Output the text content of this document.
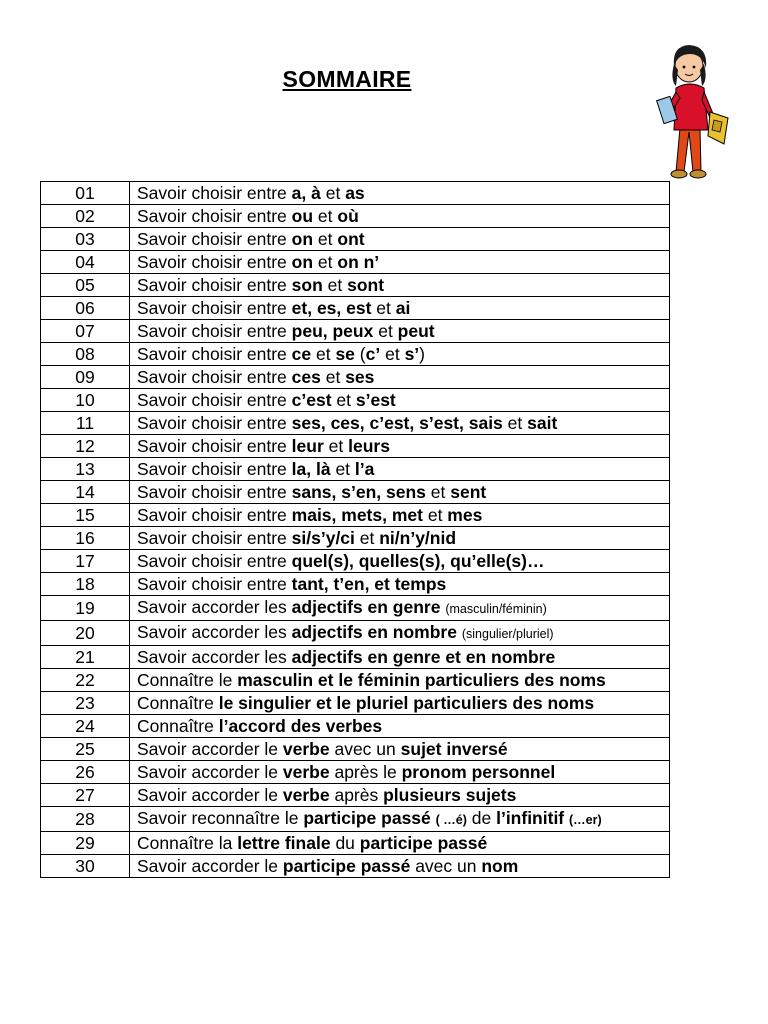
SOMMAIRE
01	Savoir choisir entre a, à et as
02	Savoir choisir entre ou et où
03	Savoir choisir entre on et ont
04	Savoir choisir entre on et on n’
05	Savoir choisir entre son et sont
06	Savoir choisir entre et, es, est et ai
07	Savoir choisir entre peu, peux et peut
08	Savoir choisir entre ce et se (c’ et s’)
09	Savoir choisir entre ces et ses
10	Savoir choisir entre c’est et s’est
11	Savoir choisir entre ses, ces, c’est, s’est, sais et sait
12	Savoir choisir entre leur et leurs
13	Savoir choisir entre la, là et l’a
14	Savoir choisir entre sans, s’en, sens et sent
15	Savoir choisir entre mais, mets, met et mes
16	Savoir choisir entre si/s’y/ci et ni/n’y/nid
17	Savoir choisir entre quel(s), quelles(s), qu’elle(s)…
18	Savoir choisir entre tant, t’en, et temps
19	Savoir accorder les adjectifs en genre (masculin/féminin)
20	Savoir accorder les adjectifs en nombre (singulier/pluriel)
21	Savoir accorder les adjectifs en genre et en nombre
22	Connaître le masculin et le féminin particuliers des noms
23	Connaître le singulier et le pluriel particuliers des noms
24	Connaître l’accord des verbes
25	Savoir accorder le verbe avec un sujet inversé
26	Savoir accorder le verbe après le pronom personnel
27	Savoir accorder le verbe après plusieurs sujets
28	Savoir reconnaître le participe passé ( …é) de l’infinitif (…er)
29	Connaître la lettre finale du participe passé
30	Savoir accorder le participe passé avec un nom
